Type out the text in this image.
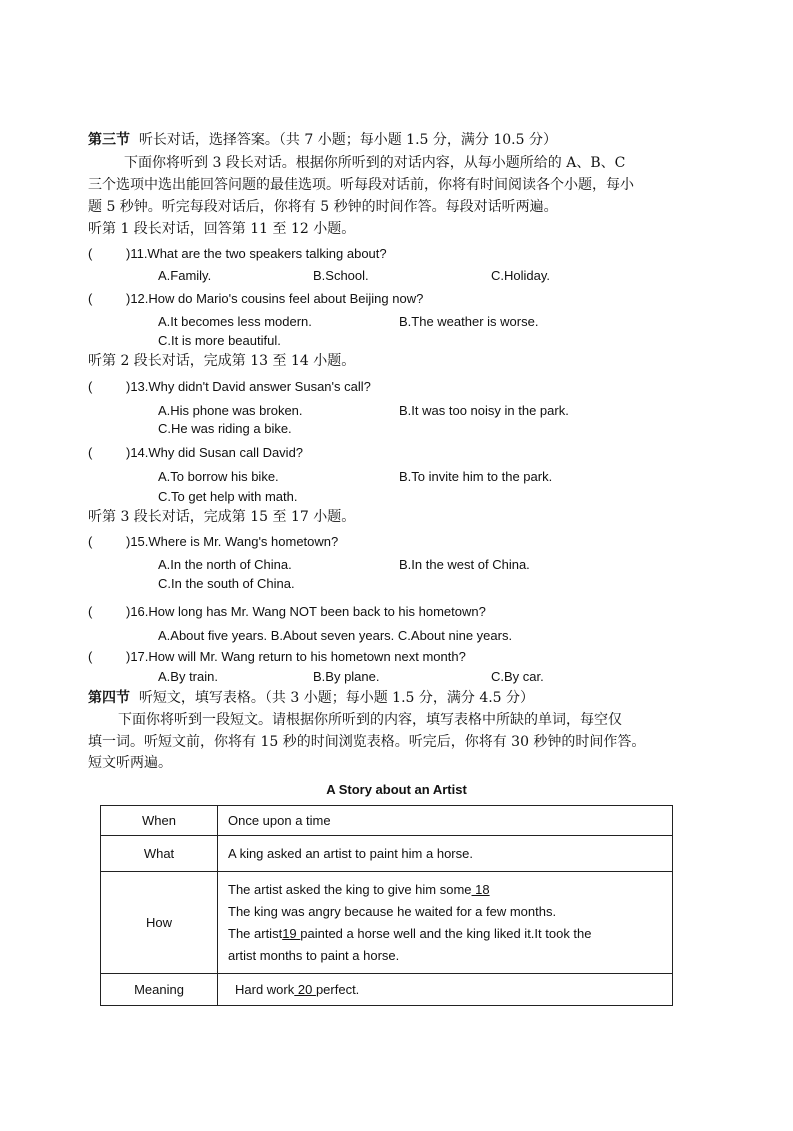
第三节 听长对话，选择答案。（共 7 小题；每小题 1.5 分，满分 10.5 分）
下面你将听到 3 段长对话。根据你所听到的对话内容，从每小题所给的 A、B、C
三个选项中选出能回答问题的最佳选项。听每段对话前，你将有时间阅读各个小题，每小
题 5 秒钟。听完每段对话后，你将有 5 秒钟的时间作答。每段对话听两遍。
听第 1 段长对话，回答第 11 至 12 小题。
(	)11.What are the two speakers talking about?
A.Family.	B.School.	C.Holiday.
(	)12.How do Mario's cousins feel about Beijing now?
A.It becomes less modern.	B.The weather is worse.
C.It is more beautiful.
听第 2 段长对话，完成第 13 至 14 小题。
(	)13.Why didn't David answer Susan's call?
A.His phone was broken.	B.It was too noisy in the park.
C.He was riding a bike.
(	)14.Why did Susan call David?
A.To borrow his bike.	B.To invite him to the park.
C.To get help with math.
听第 3 段长对话，完成第 15 至 17 小题。
(	)15.Where is Mr. Wang's hometown?
A.In the north of China.	B.In the west of China.
C.In the south of China.
(	)16.How long has Mr. Wang NOT been back to his hometown?
A.About five years. B.About seven years. C.About nine years.
(	)17.How will Mr. Wang return to his hometown next month?
A.By train.	B.By plane.	C.By car.
第四节 听短文，填写表格。（共 3 小题；每小题 1.5 分，满分 4.5 分）
下面你将听到一段短文。请根据你所听到的内容，填写表格中所缺的单词，每空仅
填一词。听短文前，你将有 15 秒的时间浏览表格。听完后，你将有 30 秒钟的时间作答。
短文听两遍。
A Story about an Artist
When	Once upon a time
What	A king asked an artist to paint him a horse.
How	The artist asked the king to give him some 18
The king was angry because he waited for a few months.
The artist19 painted a horse well and the king liked it.It took the
artist months to paint a horse.

Meaning	Hard work 20 perfect.
